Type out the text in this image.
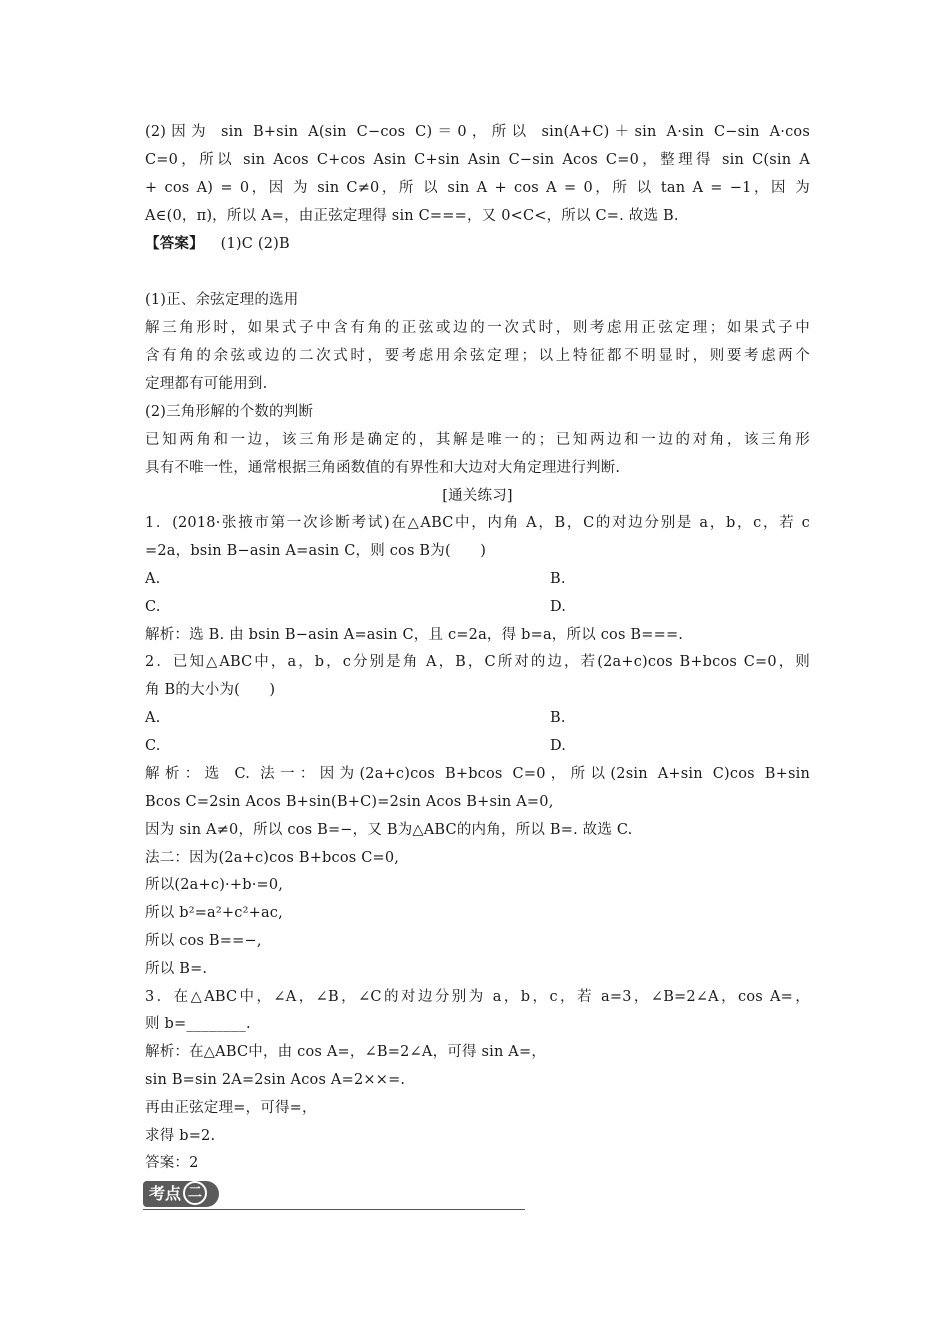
(2)因为 sin B+sin A(sin C−cos C)＝0，所以 sin(A+C)＋sin A·sin C−sin A·cos
C=0，所以 sin Acos C+cos Asin C+sin Asin C−sin Acos C=0，整理得 sin C(sin A
+ cos A) = 0，因 为 sin C≠0，所 以 sin A + cos A = 0，所 以 tan A = −1，因 为
A∈(0，π)，所以 A=，由正弦定理得 sin C===，又 0<C<，所以 C=. 故选 B.
【答案】 (1)C (2)B
(1)正、余弦定理的选用
解三角形时，如果式子中含有角的正弦或边的一次式时，则考虑用正弦定理；如果式子中
含有角的余弦或边的二次式时，要考虑用余弦定理；以上特征都不明显时，则要考虑两个
定理都有可能用到.
(2)三角形解的个数的判断
已知两角和一边，该三角形是确定的，其解是唯一的；已知两边和一边的对角，该三角形
具有不唯一性，通常根据三角函数值的有界性和大边对大角定理进行判断.
[通关练习]
1．(2018·张掖市第一次诊断考试)在△ABC中，内角 A，B，C的对边分别是 a，b，c，若 c
=2a，bsin B−asin A=asin C，则 cos B为(　　)
A.	B.
C.	D.
解析：选 B. 由 bsin B−asin A=asin C，且 c=2a，得 b=a，所以 cos B===.
2．已知△ABC中，a，b，c分别是角 A，B，C所对的边，若(2a+c)cos B+bcos C=0，则
角 B的大小为(　　)
A.	B.
C.	D.
解析：选 C. 法一：因为(2a+c)cos B+bcos C=0，所以(2sin A+sin C)cos B+sin
Bcos C=2sin Acos B+sin(B+C)=2sin Acos B+sin A=0,
因为 sin A≠0，所以 cos B=−，又 B为△ABC的内角，所以 B=. 故选 C.
法二：因为(2a+c)cos B+bcos C=0,
所以(2a+c)·+b·=0,
所以 b²=a²+c²+ac,
所以 cos B==−,
所以 B=.
3．在△ABC中，∠A，∠B，∠C的对边分别为 a，b，c，若 a=3，∠B=2∠A，cos A=，
则 b=________.
解析：在△ABC中，由 cos A=，∠B=2∠A，可得 sin A=，
sin B=sin 2A=2sin Acos A=2××=.
再由正弦定理=，可得=，
求得 b=2.
答案：2
考点 二
